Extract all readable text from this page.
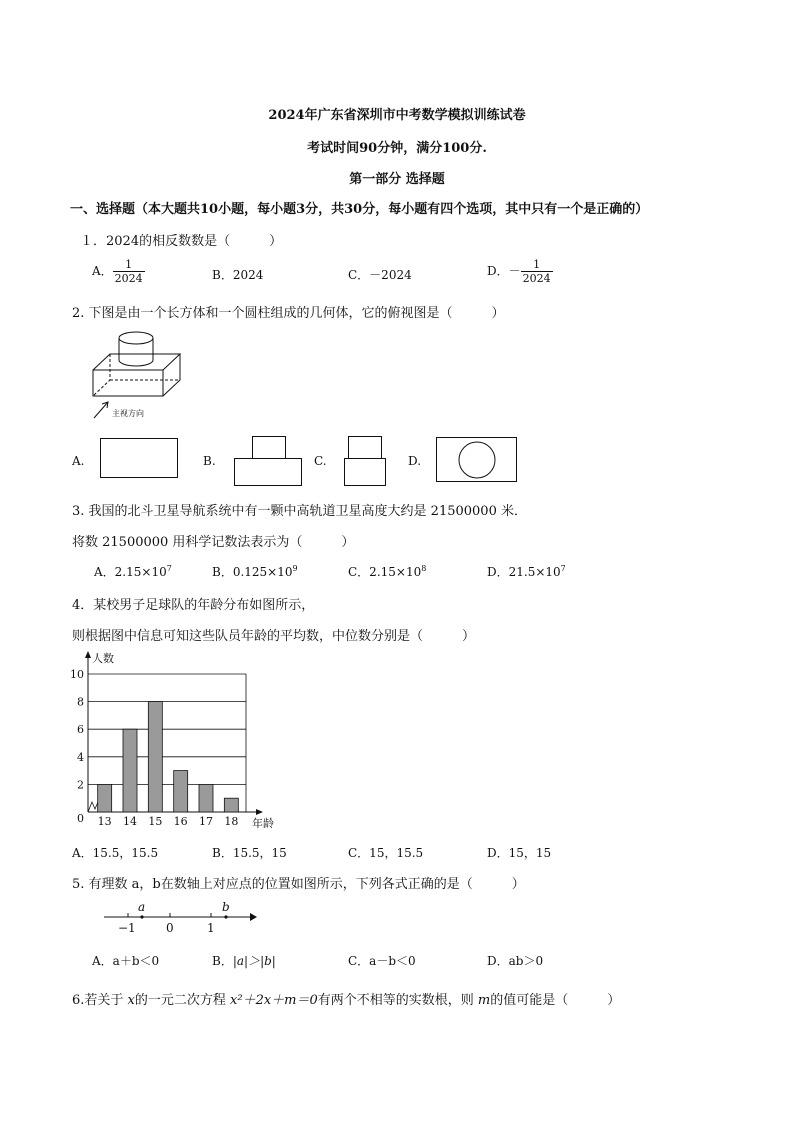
2024年广东省深圳市中考数学模拟训练试卷
考试时间90分钟，满分100分.
第一部分 选择题
一、选择题（本大题共10小题，每小题3分，共30分，每小题有四个选项，其中只有一个是正确的）
１．2024的相反数数是（　　　）
A． $\frac{1}{2024}$	B．2024	C．－2024	D．－ $\frac{1}{2024}$
2. 下图是由一个长方体和一个圆柱组成的几何体，它的俯视图是（　　　）
主视方向
A.	B.	C.	D.
3. 我国的北斗卫星导航系统中有一颗中高轨道卫星高度大约是 21500000 米．
将数 21500000 用科学记数法表示为（　　　）
A．$2.15\times 10^7$	B．$0.125\times 10^9$	C．$2.15\times 10^8$	D．$21.5\times 10^7$
4．某校男子足球队的年龄分布如图所示，
则根据图中信息可知这些队员年龄的平均数，中位数分别是（　　　）
0
2
4
6
8
10
13 14 15 16 17 18
人数
年龄
A．15.5，15.5	B．15.5，15	C．15，15.5	D．15，15
5. 有理数 a，b在数轴上对应点的位置如图所示，下列各式正确的是（　　　）
a	b
−1	0	1
A．a＋b＜0	B．|a|＞|b|	C．a－b＜0	D．ab＞0
6.若关于 x的一元二次方程 x²＋2x＋m＝0有两个不相等的实数根，则 m的值可能是（　　　）
